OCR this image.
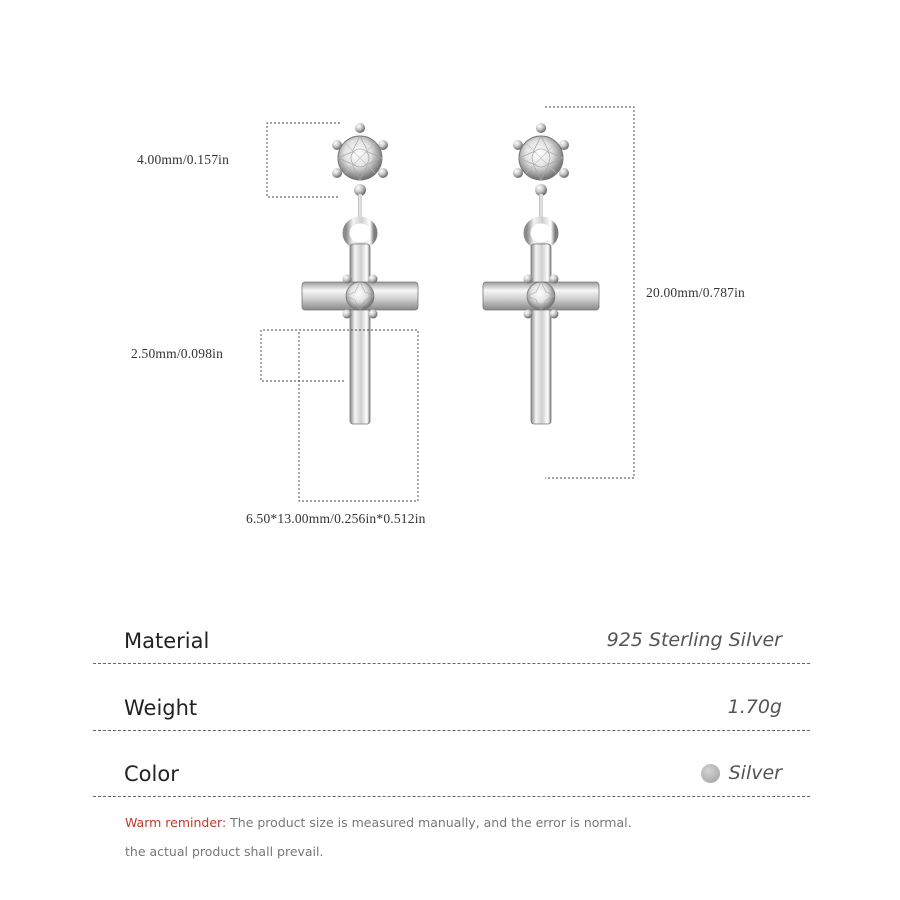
4.00mm/0.157in
2.50mm/0.098in
6.50*13.00mm/0.256in*0.512in
20.00mm/0.787in
Material	925 Sterling Silver
Weight	1.70g
Color	Silver
Warm reminder: The product size is measured manually, and the error is normal.
the actual product shall prevail.
